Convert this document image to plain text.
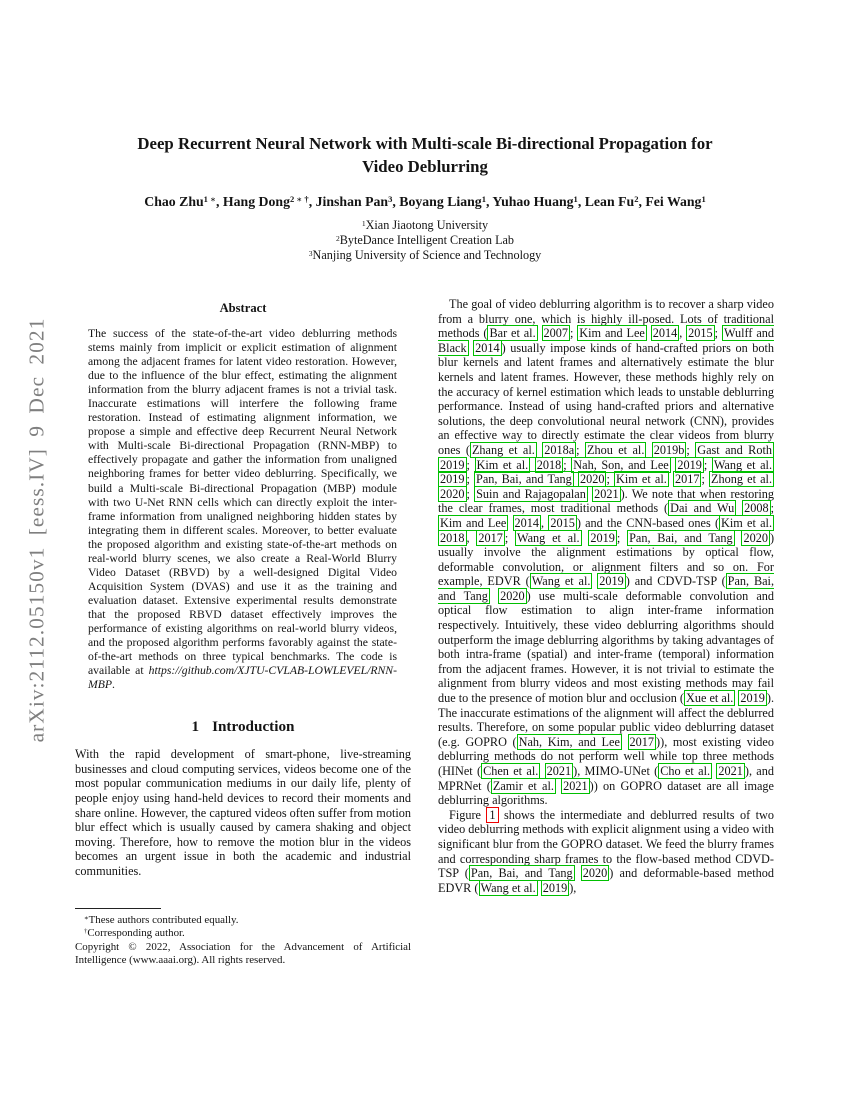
arXiv:2112.05150v1 [eess.IV] 9 Dec 2021
Deep Recurrent Neural Network with Multi-scale Bi-directional Propagation for
Video Deblurring
Chao Zhu$^{1 ∗}$, Hang Dong$^{2 ∗ \dagger}$, Jinshan Pan$^3$, Boyang Liang$^1$, Yuhao Huang$^1$, Lean Fu$^2$, Fei Wang$^1$
$^1$Xian Jiaotong University
$^2$ByteDance Intelligent Creation Lab
$^3$Nanjing University of Science and Technology
Abstract

The success of the state-of-the-art video deblurring methods stems mainly from implicit or explicit estimation of alignment among the adjacent frames for latent video restoration. However, due to the influence of the blur effect, estimating the alignment information from the blurry adjacent frames is not a trivial task. Inaccurate estimations will interfere the following frame restoration. Instead of estimating alignment information, we propose a simple and effective deep Recurrent Neural Network with Multi-scale Bi-directional Propagation (RNN-MBP) to effectively propagate and gather the information from unaligned neighboring frames for better video deblurring. Specifically, we build a Multi-scale Bi-directional Propagation (MBP) module with two U-Net RNN cells which can directly exploit the inter-frame information from unaligned neighboring hidden states by integrating them in different scales. Moreover, to better evaluate the proposed algorithm and existing state-of-the-art methods on real-world blurry scenes, we also create a Real-World Blurry Video Dataset (RBVD) by a well-designed Digital Video Acquisition System (DVAS) and use it as the training and evaluation dataset. Extensive experimental results demonstrate that the proposed RBVD dataset effectively improves the performance of existing algorithms on real-world blurry videos, and the proposed algorithm performs favorably against the state-of-the-art methods on three typical benchmarks. The code is available at https://github.com/XJTU-CVLAB-LOWLEVEL/RNN-MBP.

1 Introduction

With the rapid development of smart-phone, live-streaming businesses and cloud computing services, videos become one of the most popular communication mediums in our daily life, plenty of people enjoy using hand-held devices to record their moments and share online. However, the captured videos often suffer from motion blur effect which is usually caused by camera shaking and object moving. Therefore, how to remove the motion blur in the videos becomes an urgent issue in both the academic and industrial communities.

∗These authors contributed equally.
†Corresponding author.
Copyright © 2022, Association for the Advancement of Artificial Intelligence (www.aaai.org). All rights reserved.

The goal of video deblurring algorithm is to recover a sharp video from a blurry one, which is highly ill-posed. Lots of traditional methods ( Bar et al. 2007 ; Kim and Lee 2014 , 2015 ; Wulff and Black 2014 ) usually impose kinds of hand-crafted priors on both blur kernels and latent frames and alternatively estimate the blur kernels and latent frames. However, these methods highly rely on the accuracy of kernel estimation which leads to unstable deblurring performance. Instead of using hand-crafted priors and alternative solutions, the deep convolutional neural network (CNN), provides an effective way to directly estimate the clear videos from blurry ones ( Zhang et al. 2018a ; Zhou et al. 2019b ; Gast and Roth 2019 ; Kim et al. 2018 ; Nah, Son, and Lee 2019 ; Wang et al. 2019 ; Pan, Bai, and Tang 2020 ; Kim et al. 2017 ; Zhong et al. 2020 ; Suin and Rajagopalan 2021 ). We note that when restoring the clear frames, most traditional methods ( Dai and Wu 2008 ; Kim and Lee 2014 , 2015 ) and the CNN-based ones ( Kim et al. 2018 , 2017 ; Wang et al. 2019 ; Pan, Bai, and Tang 2020 ) usually involve the alignment estimations by optical flow, deformable convolution, or alignment filters and so on. For example, EDVR ( Wang et al. 2019 ) and CDVD-TSP ( Pan, Bai, and Tang 2020 ) use multi-scale deformable convolution and optical flow estimation to align inter-frame information respectively. Intuitively, these video deblurring algorithms should outperform the image deblurring algorithms by taking advantages of both intra-frame (spatial) and inter-frame (temporal) information from the adjacent frames. However, it is not trivial to estimate the alignment from blurry videos and most existing methods may fail due to the presence of motion blur and occlusion ( Xue et al. 2019 ). The inaccurate estimations of the alignment will affect the deblurred results. Therefore, on some popular public video deblurring dataset (e.g. GOPRO ( Nah, Kim, and Lee 2017 )), most existing video deblurring methods do not perform well while top three methods (HINet ( Chen et al. 2021 ), MIMO-UNet ( Cho et al. 2021 ), and MPRNet ( Zamir et al. 2021 )) on GOPRO dataset are all image deblurring algorithms.

Figure 1 shows the intermediate and deblurred results of two video deblurring methods with explicit alignment using a video with significant blur from the GOPRO dataset. We feed the blurry frames and corresponding sharp frames to the flow-based method CDVD-TSP ( Pan, Bai, and Tang 2020 ) and deformable-based method EDVR ( Wang et al. 2019 ),
